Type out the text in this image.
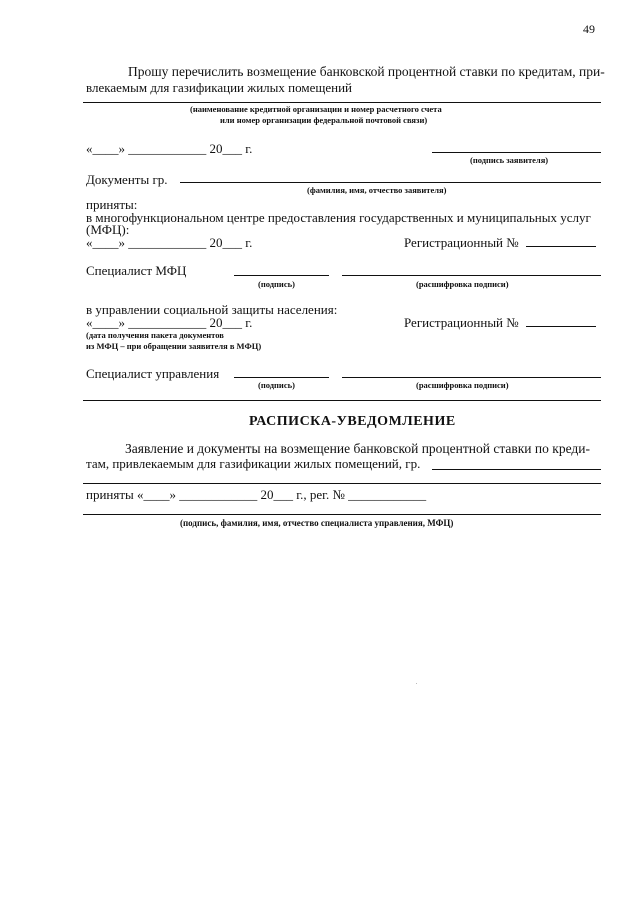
49
Прошу перечислить возмещение банковской процентной ставки по кредитам, при-
влекаемым для газификации жилых помещений
(наименование кредитной организации и номер расчетного счета
или номер организации федеральной почтовой связи)
«____» ____________ 20___ г.
(подпись заявителя)
Документы гр.
(фамилия, имя, отчество заявителя)
приняты:
в многофункциональном центре предоставления государственных и муниципальных услуг
(МФЦ):
«____» ____________ 20___ г.	Регистрационный №
Специалист МФЦ
(подпись)	(расшифровка подписи)
в управлении социальной защиты населения:
«____» ____________ 20___ г.	Регистрационный №
(дата получения пакета документов
из МФЦ – при обращении заявителя в МФЦ)
Специалист управления
(подпись)	(расшифровка подписи)
РАСПИСКА-УВЕДОМЛЕНИЕ
Заявление и документы на возмещение банковской процентной ставки по креди-
там, привлекаемым для газификации жилых помещений, гр.
приняты «____» ____________ 20___ г., рег. № ____________
(подпись, фамилия, имя, отчество специалиста управления, МФЦ)
